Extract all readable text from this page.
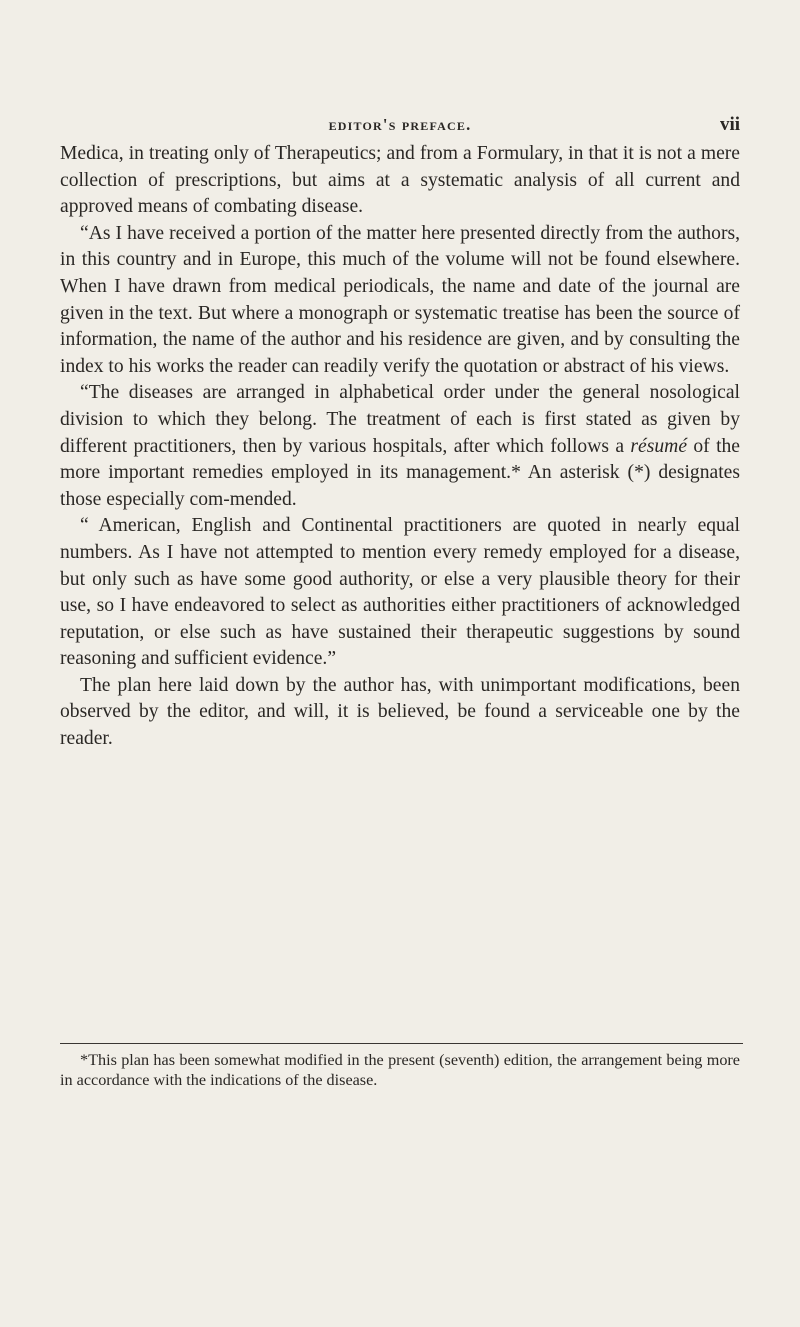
editor's preface.	vii

Medica, in treating only of Therapeutics; and from a Formulary, in that it is not a mere collection of prescriptions, but aims at a systematic analysis of all current and approved means of combating disease.

“As I have received a portion of the matter here presented directly from the authors, in this country and in Europe, this much of the volume will not be found elsewhere. When I have drawn from medical periodicals, the name and date of the journal are given in the text. But where a monograph or systematic treatise has been the source of information, the name of the author and his residence are given, and by consulting the index to his works the reader can readily verify the quotation or abstract of his views.

“The diseases are arranged in alphabetical order under the general nosological division to which they belong. The treatment of each is first stated as given by different practitioners, then by various hospitals, after which follows a résumé of the more important remedies employed in its management.* An asterisk (*) designates those especially com-mended.

“ American, English and Continental practitioners are quoted in nearly equal numbers. As I have not attempted to mention every remedy employed for a disease, but only such as have some good authority, or else a very plausible theory for their use, so I have endeavored to select as authorities either practitioners of acknowledged reputation, or else such as have sustained their therapeutic suggestions by sound reasoning and sufficient evidence.”

The plan here laid down by the author has, with unimportant modifications, been observed by the editor, and will, it is believed, be found a serviceable one by the reader.

*This plan has been somewhat modified in the present (seventh) edition, the arrangement being more in accordance with the indications of the disease.
